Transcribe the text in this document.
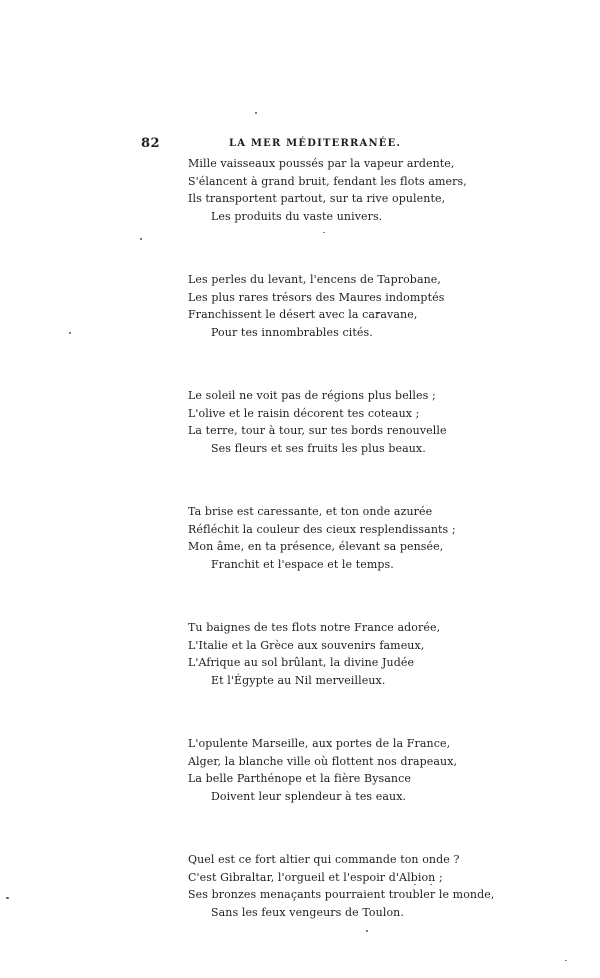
82	LA MER MÉDITERRANÉE.
Mille vaisseaux poussés par la vapeur ardente,
S'élancent à grand bruit, fendant les flots amers,
Ils transportent partout, sur ta rive opulente,
Les produits du vaste univers.
Les perles du levant, l'encens de Taprobane,
Les plus rares trésors des Maures indomptés
Franchissent le désert avec la caravane,
Pour tes innombrables cités.
Le soleil ne voit pas de régions plus belles ;
L'olive et le raisin décorent tes coteaux ;
La terre, tour à tour, sur tes bords renouvelle
Ses fleurs et ses fruits les plus beaux.
Ta brise est caressante, et ton onde azurée
Réfléchit la couleur des cieux resplendissants ;
Mon âme, en ta présence, élevant sa pensée,
Franchit et l'espace et le temps.
Tu baignes de tes flots notre France adorée,
L'Italie et la Grèce aux souvenirs fameux,
L'Afrique au sol brûlant, la divine Judée
Et l'Égypte au Nil merveilleux.
L'opulente Marseille, aux portes de la France,
Alger, la blanche ville où flottent nos drapeaux,
La belle Parthénope et la fière Bysance
Doivent leur splendeur à tes eaux.
Quel est ce fort altier qui commande ton onde ?
C'est Gibraltar, l'orgueil et l'espoir d'Albion ;
Ses bronzes menaçants pourraient troubler le monde,
Sans les feux vengeurs de Toulon.
